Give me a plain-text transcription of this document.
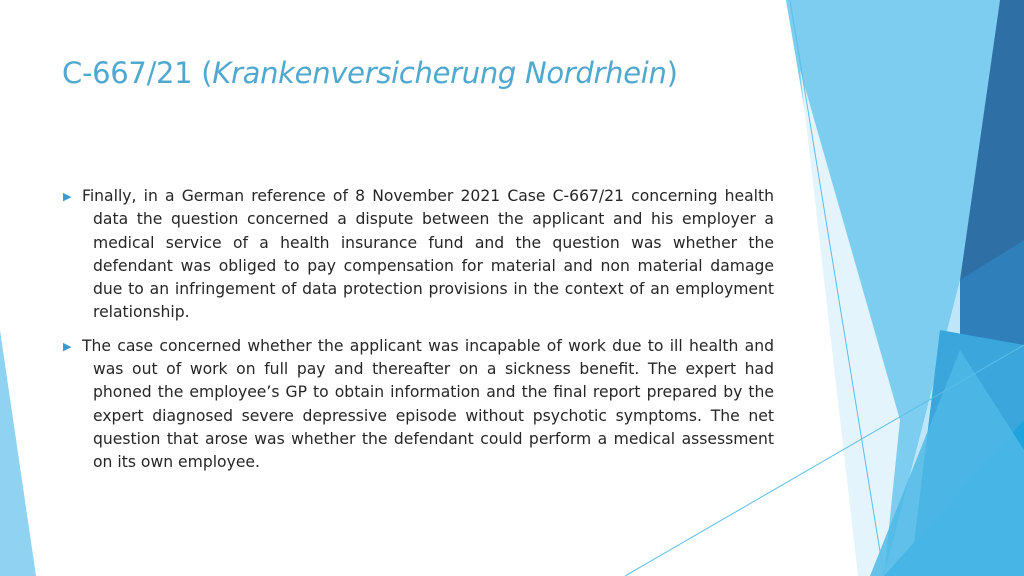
C-667/21 (Krankenversicherung Nordrhein)
▶ Finally, in a German reference of 8 November 2021 Case C-667/21 concerning health data the question concerned a dispute between the applicant and his employer a medical service of a health insurance fund and the question was whether the defendant was obliged to pay compensation for material and non material damage due to an infringement of data protection provisions in the context of an employment relationship.
▶ The case concerned whether the applicant was incapable of work due to ill health and was out of work on full pay and thereafter on a sickness benefit. The expert had phoned the employee’s GP to obtain information and the final report prepared by the expert diagnosed severe depressive episode without psychotic symptoms. The net question that arose was whether the defendant could perform a medical assessment on its own employee.
